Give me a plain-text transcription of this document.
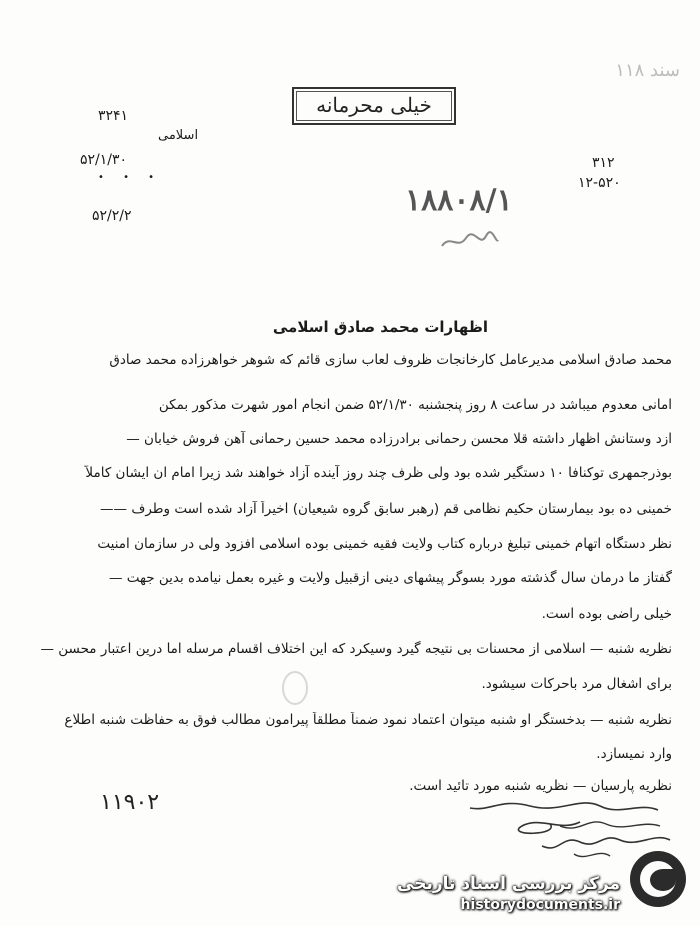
سند ۱۱۸
خیلی محرمانه
۳۲۴۱
اسلامی
۵۲/۱/۳۰
• • •
۵۲/۲/۲
۳۱۲
۱۲-۵۲۰
۱۸۸۰۸/۱
اظهارات محمد صادق اسلامی
محمد صادق اسلامی مدیرعامل کارخانجات ظروف لعاب سازی قائم که شوهر خواهرزاده محمد صادق
امانی معدوم میباشد در ساعت ۸ روز پنجشنبه ۵۲/۱/۳۰ ضمن انجام امور شهرت مذکور بمکن
ازد وستانش اظهار داشته قلا محسن رحمانی برادرزاده محمد حسین رحمانی آهن فروش خیابان —
بوذرجمهری توکنافا ۱۰ دستگیر شده بود ولی ظرف چند روز آینده آزاد خواهند شد زیرا امام ان ایشان کاملاً
خمینی ده بود بیمارستان حکیم نظامی قم (رهبر سابق گروه شیعیان) اخیراً آزاد شده است وطرف ——
نظر دستگاه اتهام خمینی تبلیغ درباره کتاب ولایت فقیه خمینی بوده اسلامی افزود ولی در سازمان امنیت
گفتاز ما درمان سال گذشته مورد بسوگر پیشهای دینی ازقبیل ولایت و غیره بعمل نیامده بدین جهت —
خیلی راضی بوده است.
نظریه شنبه — اسلامی از محسنات بی نتیجه گیرد وسیکرد که این اختلاف اقسام مرسله اما درین اعتبار محسن —
برای اشغال مرد باحرکات سیشود.
نظریه شنبه — بدخستگر او شنبه میتوان اعتماد نمود ضمناً مطلقاً پیرامون مطالب فوق به حفاظت شنبه اطلاع
وارد نمیسازد.
نظریه پارسیان — نظریه شنبه مورد تائید است.
۱۱۹۰۲
مرکز بررسی اسناد تاریخی
historydocuments.ir
